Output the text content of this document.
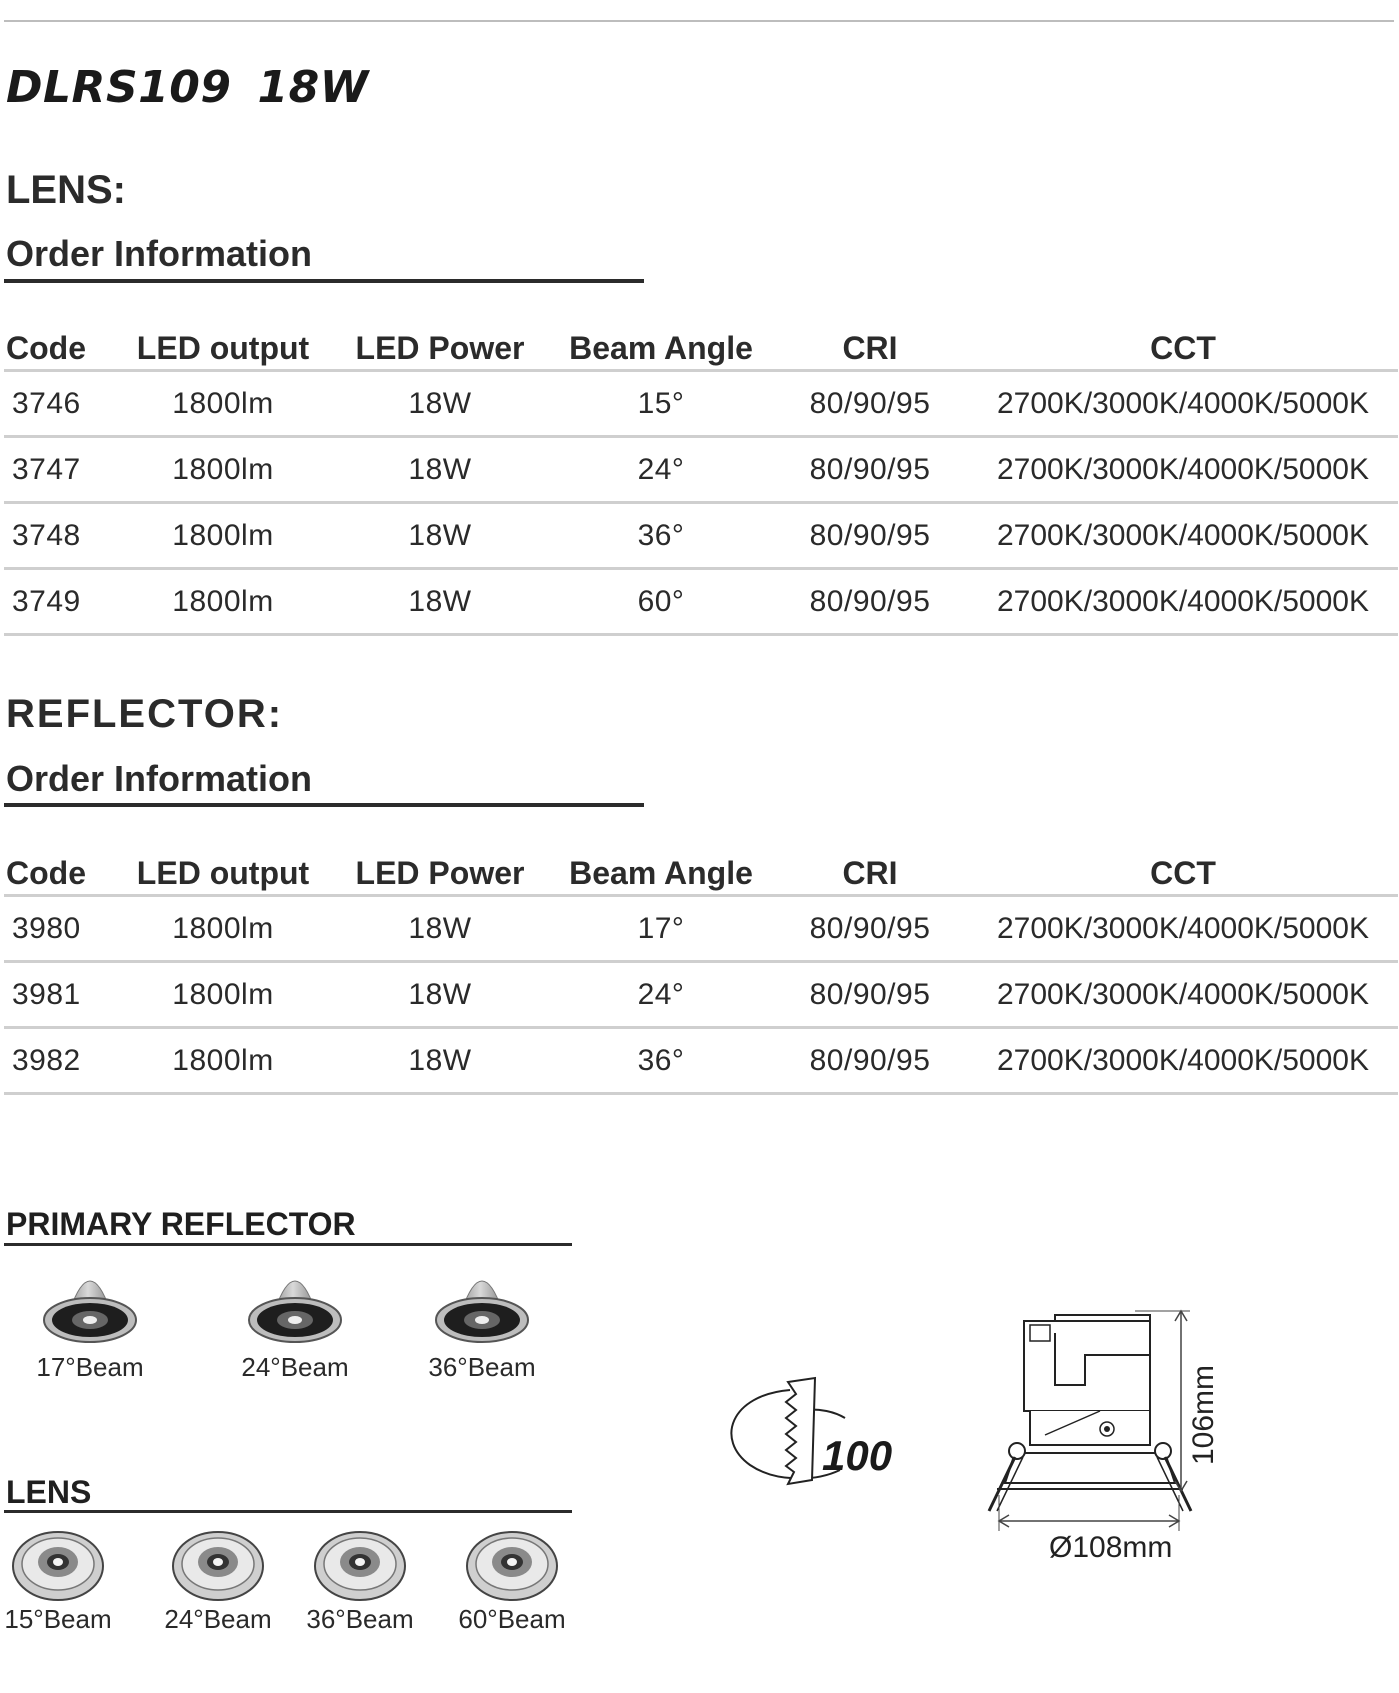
DLRS109 18W
LENS:
Order Information
Code	LED output	LED Power	Beam Angle	CRI	CCT
3746	1800lm	18W	15°	80/90/95	2700K/3000K/4000K/5000K
3747	1800lm	18W	24°	80/90/95	2700K/3000K/4000K/5000K
3748	1800lm	18W	36°	80/90/95	2700K/3000K/4000K/5000K
3749	1800lm	18W	60°	80/90/95	2700K/3000K/4000K/5000K
REFLECTOR:
Order Information
Code	LED output	LED Power	Beam Angle	CRI	CCT
3980	1800lm	18W	17°	80/90/95	2700K/3000K/4000K/5000K
3981	1800lm	18W	24°	80/90/95	2700K/3000K/4000K/5000K
3982	1800lm	18W	36°	80/90/95	2700K/3000K/4000K/5000K
PRIMARY REFLECTOR
17°Beam	24°Beam	36°Beam
LENS
15°Beam 24°Beam 36°Beam 60°Beam
100	106mm
Ø108mm
